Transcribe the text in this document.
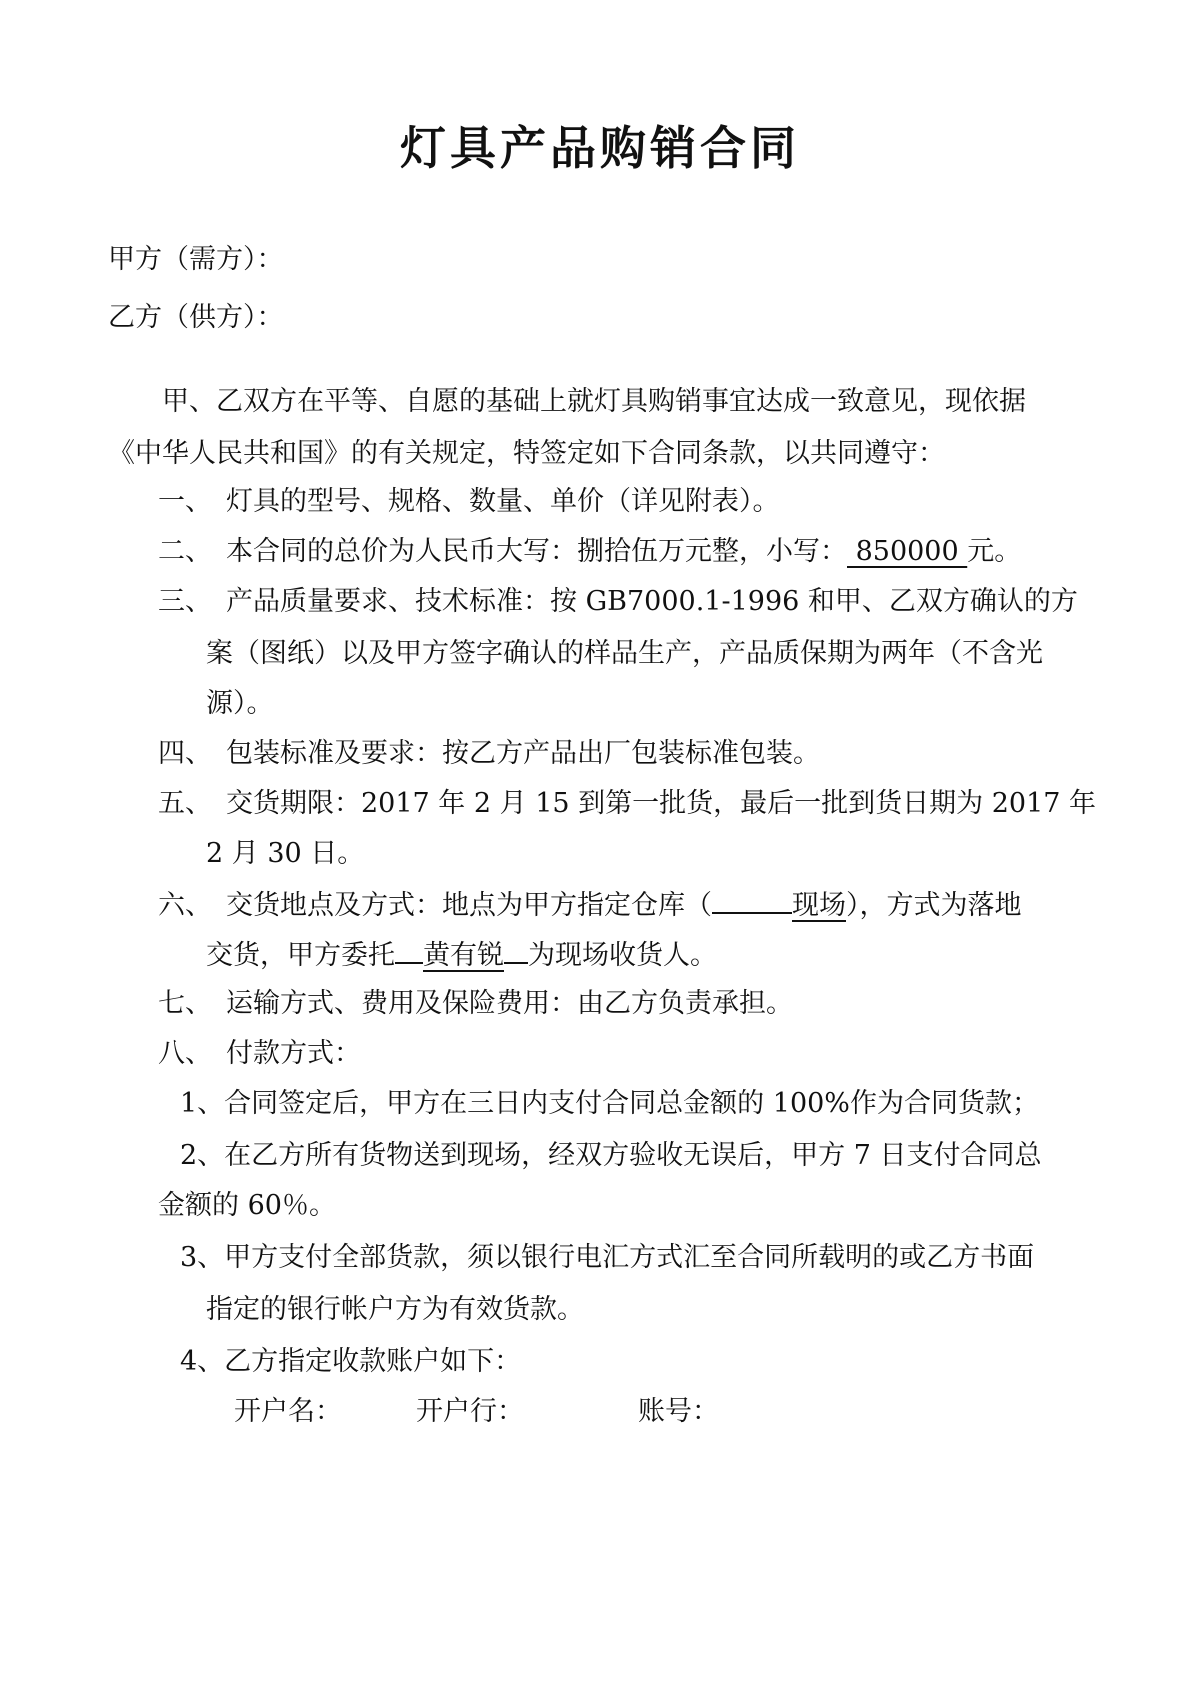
灯具产品购销合同
甲方（需方）：
乙方（供方）：
甲、乙双方在平等、自愿的基础上就灯具购销事宜达成一致意见，现依据
《中华人民共和国》的有关规定，特签定如下合同条款，以共同遵守：
一、 灯具的型号、规格、数量、单价（详见附表）。
二、 本合同的总价为人民币大写：捌拾伍万元整，小写： 850000 元。
三、 产品质量要求、技术标准：按 GB7000.1-1996 和甲、乙双方确认的方
案（图纸）以及甲方签字确认的样品生产，产品质保期为两年（不含光
源）。
四、 包装标准及要求：按乙方产品出厂包装标准包装。
五、 交货期限：2017 年 2 月 15 到第一批货，最后一批到货日期为 2017 年
2 月 30 日。
六、 交货地点及方式：地点为甲方指定仓库（	现场），方式为落地
交货，甲方委托 黄有锐 为现场收货人。
七、 运输方式、费用及保险费用：由乙方负责承担。
八、 付款方式：
1、合同签定后，甲方在三日内支付合同总金额的 100%作为合同货款；
2、在乙方所有货物送到现场，经双方验收无误后，甲方 7 日支付合同总
金额的 60％。
3、甲方支付全部货款，须以银行电汇方式汇至合同所载明的或乙方书面
指定的银行帐户方为有效货款。
4、乙方指定收款账户如下：
开户名：	开户行：	账号：
